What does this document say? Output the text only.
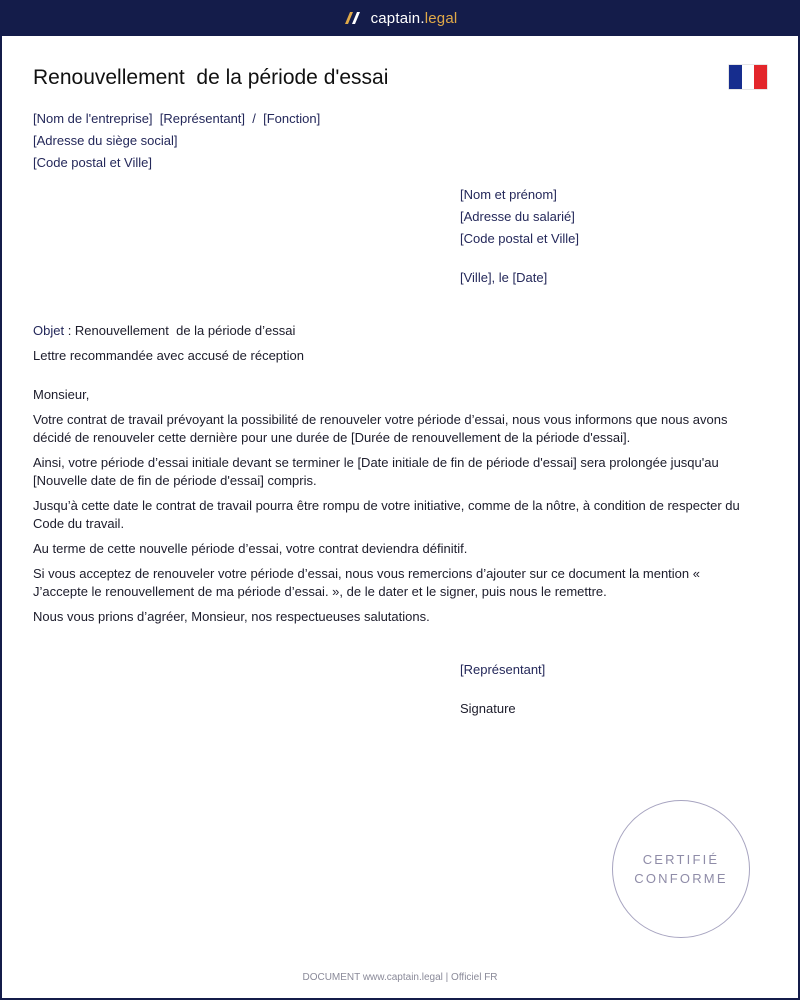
captain.legal
Renouvellement  de la période d'essai
[Nom de l'entreprise]  [Représentant]  /  [Fonction]
[Adresse du siège social]
[Code postal et Ville]
[Nom et prénom]
[Adresse du salarié]
[Code postal et Ville]
[Ville], le [Date]
Objet : Renouvellement  de la période d’essai
Lettre recommandée avec accusé de réception
Monsieur,

Votre contrat de travail prévoyant la possibilité de renouveler votre période d’essai, nous vous informons que nous avons décidé de renouveler cette dernière pour une durée de [Durée de renouvellement de la période d'essai].

Ainsi, votre période d’essai initiale devant se terminer le [Date initiale de fin de période d'essai] sera prolongée jusqu'au [Nouvelle date de fin de période d'essai] compris.

Jusqu’à cette date le contrat de travail pourra être rompu de votre initiative, comme de la nôtre, à condition de respecter du Code du travail.

Au terme de cette nouvelle période d’essai, votre contrat deviendra définitif.

Si vous acceptez de renouveler votre période d’essai, nous vous remercions d’ajouter sur ce document la mention « J’accepte le renouvellement de ma période d’essai. », de le dater et le signer, puis nous le remettre.

Nous vous prions d’agréer, Monsieur, nos respectueuses salutations.

[Représentant]
Signature
CERTIFIÉ
CONFORME
DOCUMENT www.captain.legal | Officiel FR
